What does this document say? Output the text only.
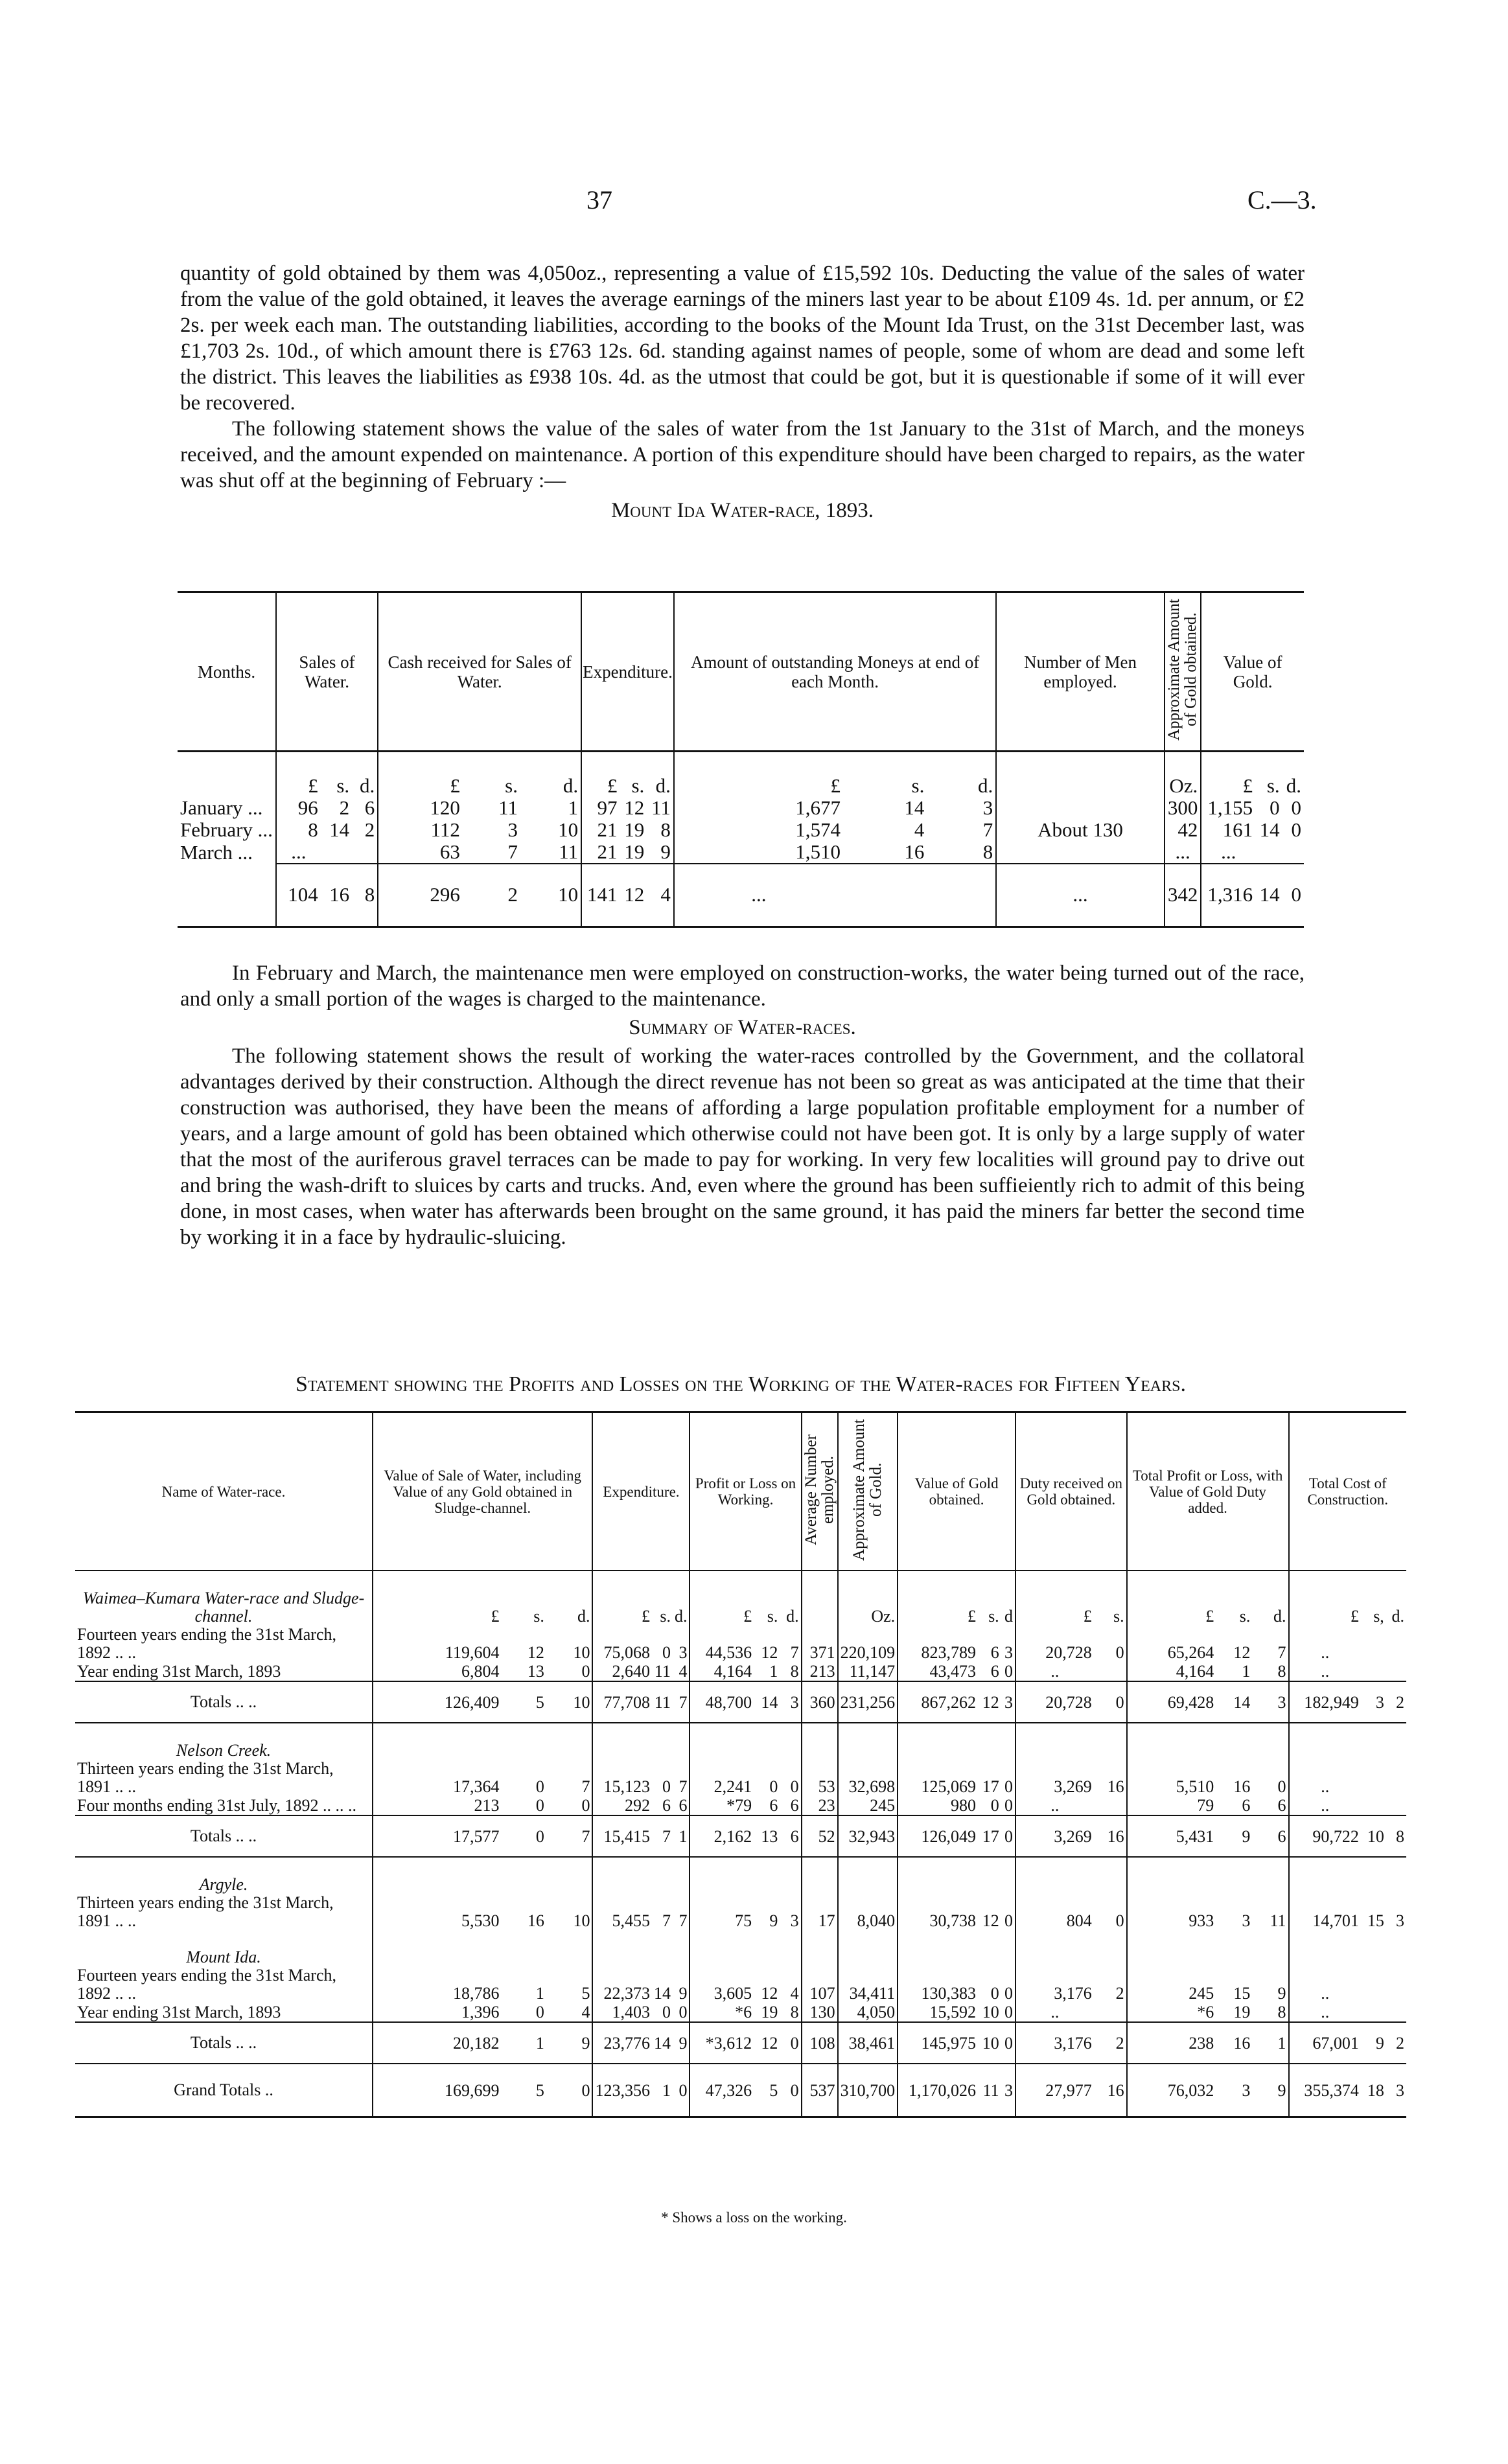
37	C.—3.

quantity of gold obtained by them was 4,050oz., representing a value of £15,592 10s. Deducting the value of the sales of water from the value of the gold obtained, it leaves the average earnings of the miners last year to be about £109 4s. 1d. per annum, or £2 2s. per week each man. The outstanding liabilities, according to the books of the Mount Ida Trust, on the 31st December last, was £1,703 2s. 10d., of which amount there is £763 12s. 6d. standing against names of people, some of whom are dead and some left the district. This leaves the liabilities as £938 10s. 4d. as the utmost that could be got, but it is questionable if some of it will ever be recovered.

The following statement shows the value of the sales of water from the 1st January to the 31st of March, and the moneys received, and the amount expended on maintenance. A portion of this expenditure should have been charged to repairs, as the water was shut off at the beginning of February :—

Mount Ida Water-race, 1893.
Months.	Sales of Water.			Cash received for Sales of Water.			Expenditure.			Amount of outstanding Moneys at end of each Month.			Number of Men employed.	Approximate Amount of Gold obtained.	Value of Gold.		
	£	s.	d.	£	s.	d.	£	s.	d.	£	s.	d.		Oz.	£	s.	d.
January ...	96	2	6	120	11	1	97	12	11	1,677	14	3	About 130	300	1,155	0	0
February ...	8	14	2	112	3	10	21	19	8	1,574	4	7		42	161	14	0
March ...	...			63	7	11	21	19	9	1,510	16	8		...	...		
	104	16	8	296	2	10	141	12	4	...			...	342	1,316	14	0

In February and March, the maintenance men were employed on construction-works, the water being turned out of the race, and only a small portion of the wages is charged to the maintenance.

Summary of Water-races.

The following statement shows the result of working the water-races controlled by the Government, and the collatoral advantages derived by their construction. Although the direct revenue has not been so great as was anticipated at the time that their construction was authorised, they have been the means of affording a large population profitable employment for a number of years, and a large amount of gold has been obtained which otherwise could not have been got. It is only by a large supply of water that the most of the auriferous gravel terraces can be made to pay for working. In very few localities will ground pay to drive out and bring the wash-drift to sluices by carts and trucks. And, even where the ground has been suffieiently rich to admit of this being done, in most cases, when water has afterwards been brought on the same ground, it has paid the miners far better the second time by working it in a face by hydraulic-sluicing.

Statement showing the Profits and Losses on the Working of the Water-races for Fifteen Years.
Name of Water-race.	Value of Sale of Water, including Value of any Gold obtained in Sludge-channel.			Expenditure.			Profit or Loss on Working.			Average Number employed.	Approximate Amount of Gold.	Value of Gold obtained.			Duty received on Gold obtained.		Total Profit or Loss, with Value of Gold Duty added.			Total Cost of Construction.		
Waimea–Kumara Water-race and Sludge-channel.	£	s.	d.	£	s.	d.	£	s.	d.		Oz.	£	s.	d	£	s.	£	s.	d.	£	s,	d.
Fourteen years ending the 31st March, 1892 .. ..	119,604	12	10	75,068	0	3	44,536	12	7	371	220,109	823,789	6	3	20,728	0	65,264	12	7	..		
Year ending 31st March, 1893	6,804	13	0	2,640	11	4	4,164	1	8	213	11,147	43,473	6	0	..		4,164	1	8	..		
Totals .. ..	126,409	5	10	77,708	11	7	48,700	14	3	360	231,256	867,262	12	3	20,728	0	69,428	14	3	182,949	3	2
Nelson Creek.																						
Thirteen years ending the 31st March, 1891 .. ..	17,364	0	7	15,123	0	7	2,241	0	0	53	32,698	125,069	17	0	3,269	16	5,510	16	0	..		
Four months ending 31st July, 1892 .. .. ..	213	0	0	292	6	6	*79	6	6	23	245	980	0	0	..		79	6	6	..		
Totals .. ..	17,577	0	7	15,415	7	1	2,162	13	6	52	32,943	126,049	17	0	3,269	16	5,431	9	6	90,722	10	8
Argyle.																						
Thirteen years ending the 31st March, 1891 .. ..	5,530	16	10	5,455	7	7	75	9	3	17	8,040	30,738	12	0	804	0	933	3	11	14,701	15	3
Mount Ida.																						
Fourteen years ending the 31st March, 1892 .. ..	18,786	1	5	22,373	14	9	3,605	12	4	107	34,411	130,383	0	0	3,176	2	245	15	9	..		
Year ending 31st March, 1893	1,396	0	4	1,403	0	0	*6	19	8	130	4,050	15,592	10	0	..		*6	19	8	..		
Totals .. ..	20,182	1	9	23,776	14	9	*3,612	12	0	108	38,461	145,975	10	0	3,176	2	238	16	1	67,001	9	2
Grand Totals ..	169,699	5	0	123,356	1	0	47,326	5	0	537	310,700	1,170,026	11	3	27,977	16	76,032	3	9	355,374	18	3
* Shows a loss on the working.
